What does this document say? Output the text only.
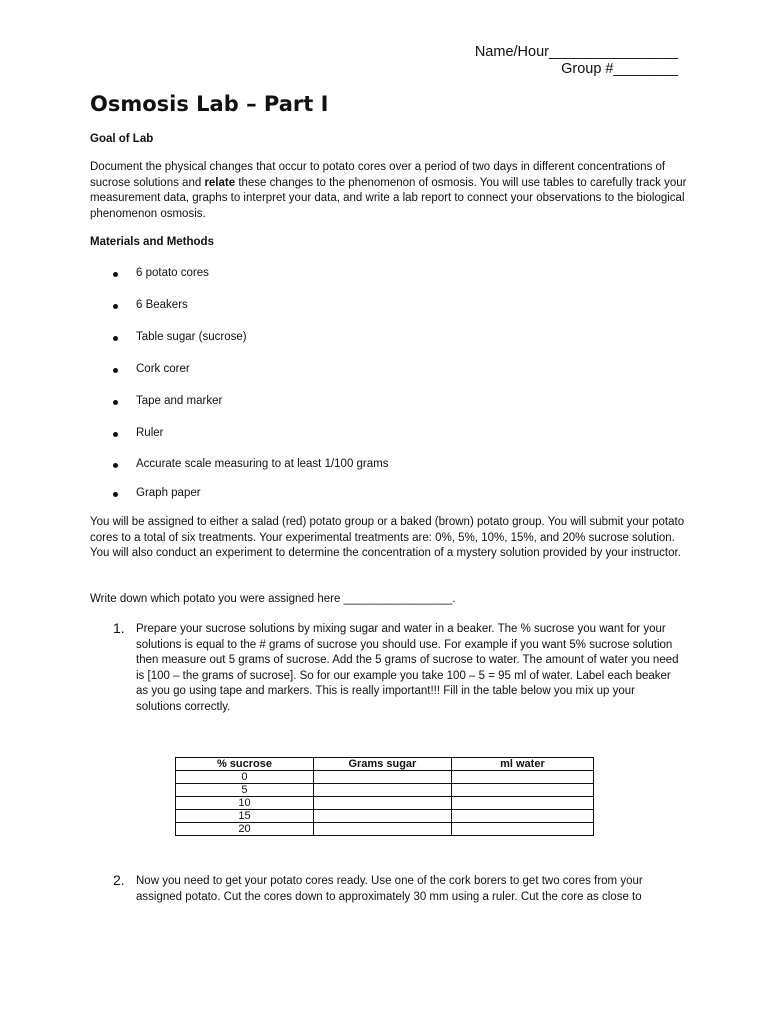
Name/Hour________________
Group #________
Osmosis Lab – Part I

Goal of Lab

Document the physical changes that occur to potato cores over a period of two days in different concentrations of sucrose solutions and relate these changes to the phenomenon of osmosis. You will use tables to carefully track your measurement data, graphs to interpret your data, and write a lab report to connect your observations to the biological phenomenon osmosis.

Materials and Methods

6 potato cores
6 Beakers
Table sugar (sucrose)
Cork corer
Tape and marker
Ruler
Accurate scale measuring to at least 1/100 grams
Graph paper

You will be assigned to either a salad (red) potato group or a baked (brown) potato group. You will submit your potato cores to a total of six treatments. Your experimental treatments are: 0%, 5%, 10%, 15%, and 20% sucrose solution. You will also conduct an experiment to determine the concentration of a mystery solution provided by your instructor.

Write down which potato you were assigned here _________________.

1. Prepare your sucrose solutions by mixing sugar and water in a beaker. The % sucrose you want for your solutions is equal to the # grams of sucrose you should use. For example if you want 5% sucrose solution then measure out 5 grams of sucrose. Add the 5 grams of sucrose to water. The amount of water you need is [100 – the grams of sucrose]. So for our example you take 100 – 5 = 95 ml of water. Label each beaker as you go using tape and markers. This is really important!!! Fill in the table below you mix up your solutions correctly.
% sucrose	Grams sugar	ml water
0		
5		
10		
15		
20		
2. Now you need to get your potato cores ready. Use one of the cork borers to get two cores from your assigned potato. Cut the cores down to approximately 30 mm using a ruler. Cut the core as close to
